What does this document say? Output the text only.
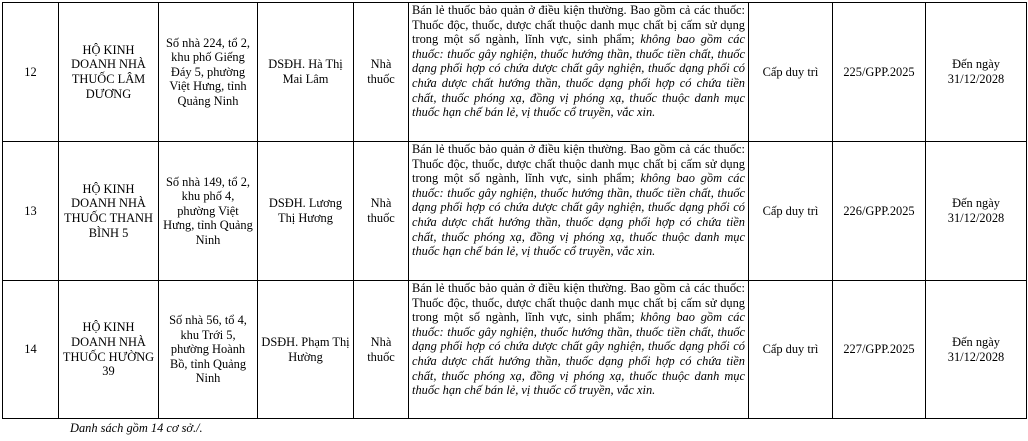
12	HỘ KINH DOANH NHÀ THUỐC LÂM DƯƠNG	Số nhà 224, tổ 2, khu phố Giếng Đáy 5, phường Việt Hưng, tỉnh Quảng Ninh	DSĐH. Hà Thị Mai Lâm	Nhà thuốc	Bán lẻ thuốc bảo quản ở điều kiện thường. Bao gồm cả các thuốc: Thuốc độc, thuốc, dược chất thuộc danh mục chất bị cấm sử dụng trong một số ngành, lĩnh vực, sinh phẩm; không bao gồm các thuốc: thuốc gây nghiện, thuốc hướng thần, thuốc tiền chất, thuốc dạng phối hợp có chứa dược chất gây nghiện, thuốc dạng phối có chứa dược chất hướng thần, thuốc dạng phối hợp có chứa tiền chất, thuốc phóng xạ, đồng vị phóng xạ, thuốc thuộc danh mục thuốc hạn chế bán lẻ, vị thuốc cổ truyền, vắc xin.	Cấp duy trì	225/GPP.2025	Đến ngày 31/12/2028
13	HỘ KINH DOANH NHÀ THUỐC THANH BÌNH 5	Số nhà 149, tổ 2, khu phố 4, phường Việt Hưng, tỉnh Quảng Ninh	DSĐH. Lương Thị Hương	Nhà thuốc	Bán lẻ thuốc bảo quản ở điều kiện thường. Bao gồm cả các thuốc: Thuốc độc, thuốc, dược chất thuộc danh mục chất bị cấm sử dụng trong một số ngành, lĩnh vực, sinh phẩm; không bao gồm các thuốc: thuốc gây nghiện, thuốc hướng thần, thuốc tiền chất, thuốc dạng phối hợp có chứa dược chất gây nghiện, thuốc dạng phối có chứa dược chất hướng thần, thuốc dạng phối hợp có chứa tiền chất, thuốc phóng xạ, đồng vị phóng xạ, thuốc thuộc danh mục thuốc hạn chế bán lẻ, vị thuốc cổ truyền, vắc xin.	Cấp duy trì	226/GPP.2025	Đến ngày 31/12/2028
14	HỘ KINH DOANH NHÀ THUỐC HƯỜNG 39	Số nhà 56, tổ 4, khu Trới 5, phường Hoành Bồ, tỉnh Quảng Ninh	DSĐH. Phạm Thị Hường	Nhà thuốc	Bán lẻ thuốc bảo quản ở điều kiện thường. Bao gồm cả các thuốc: Thuốc độc, thuốc, dược chất thuộc danh mục chất bị cấm sử dụng trong một số ngành, lĩnh vực, sinh phẩm; không bao gồm các thuốc: thuốc gây nghiện, thuốc hướng thần, thuốc tiền chất, thuốc dạng phối hợp có chứa dược chất gây nghiện, thuốc dạng phối có chứa dược chất hướng thần, thuốc dạng phối hợp có chứa tiền chất, thuốc phóng xạ, đồng vị phóng xạ, thuốc thuộc danh mục thuốc hạn chế bán lẻ, vị thuốc cổ truyền, vắc xin.	Cấp duy trì	227/GPP.2025	Đến ngày 31/12/2028
Danh sách gồm 14 cơ sở./.
